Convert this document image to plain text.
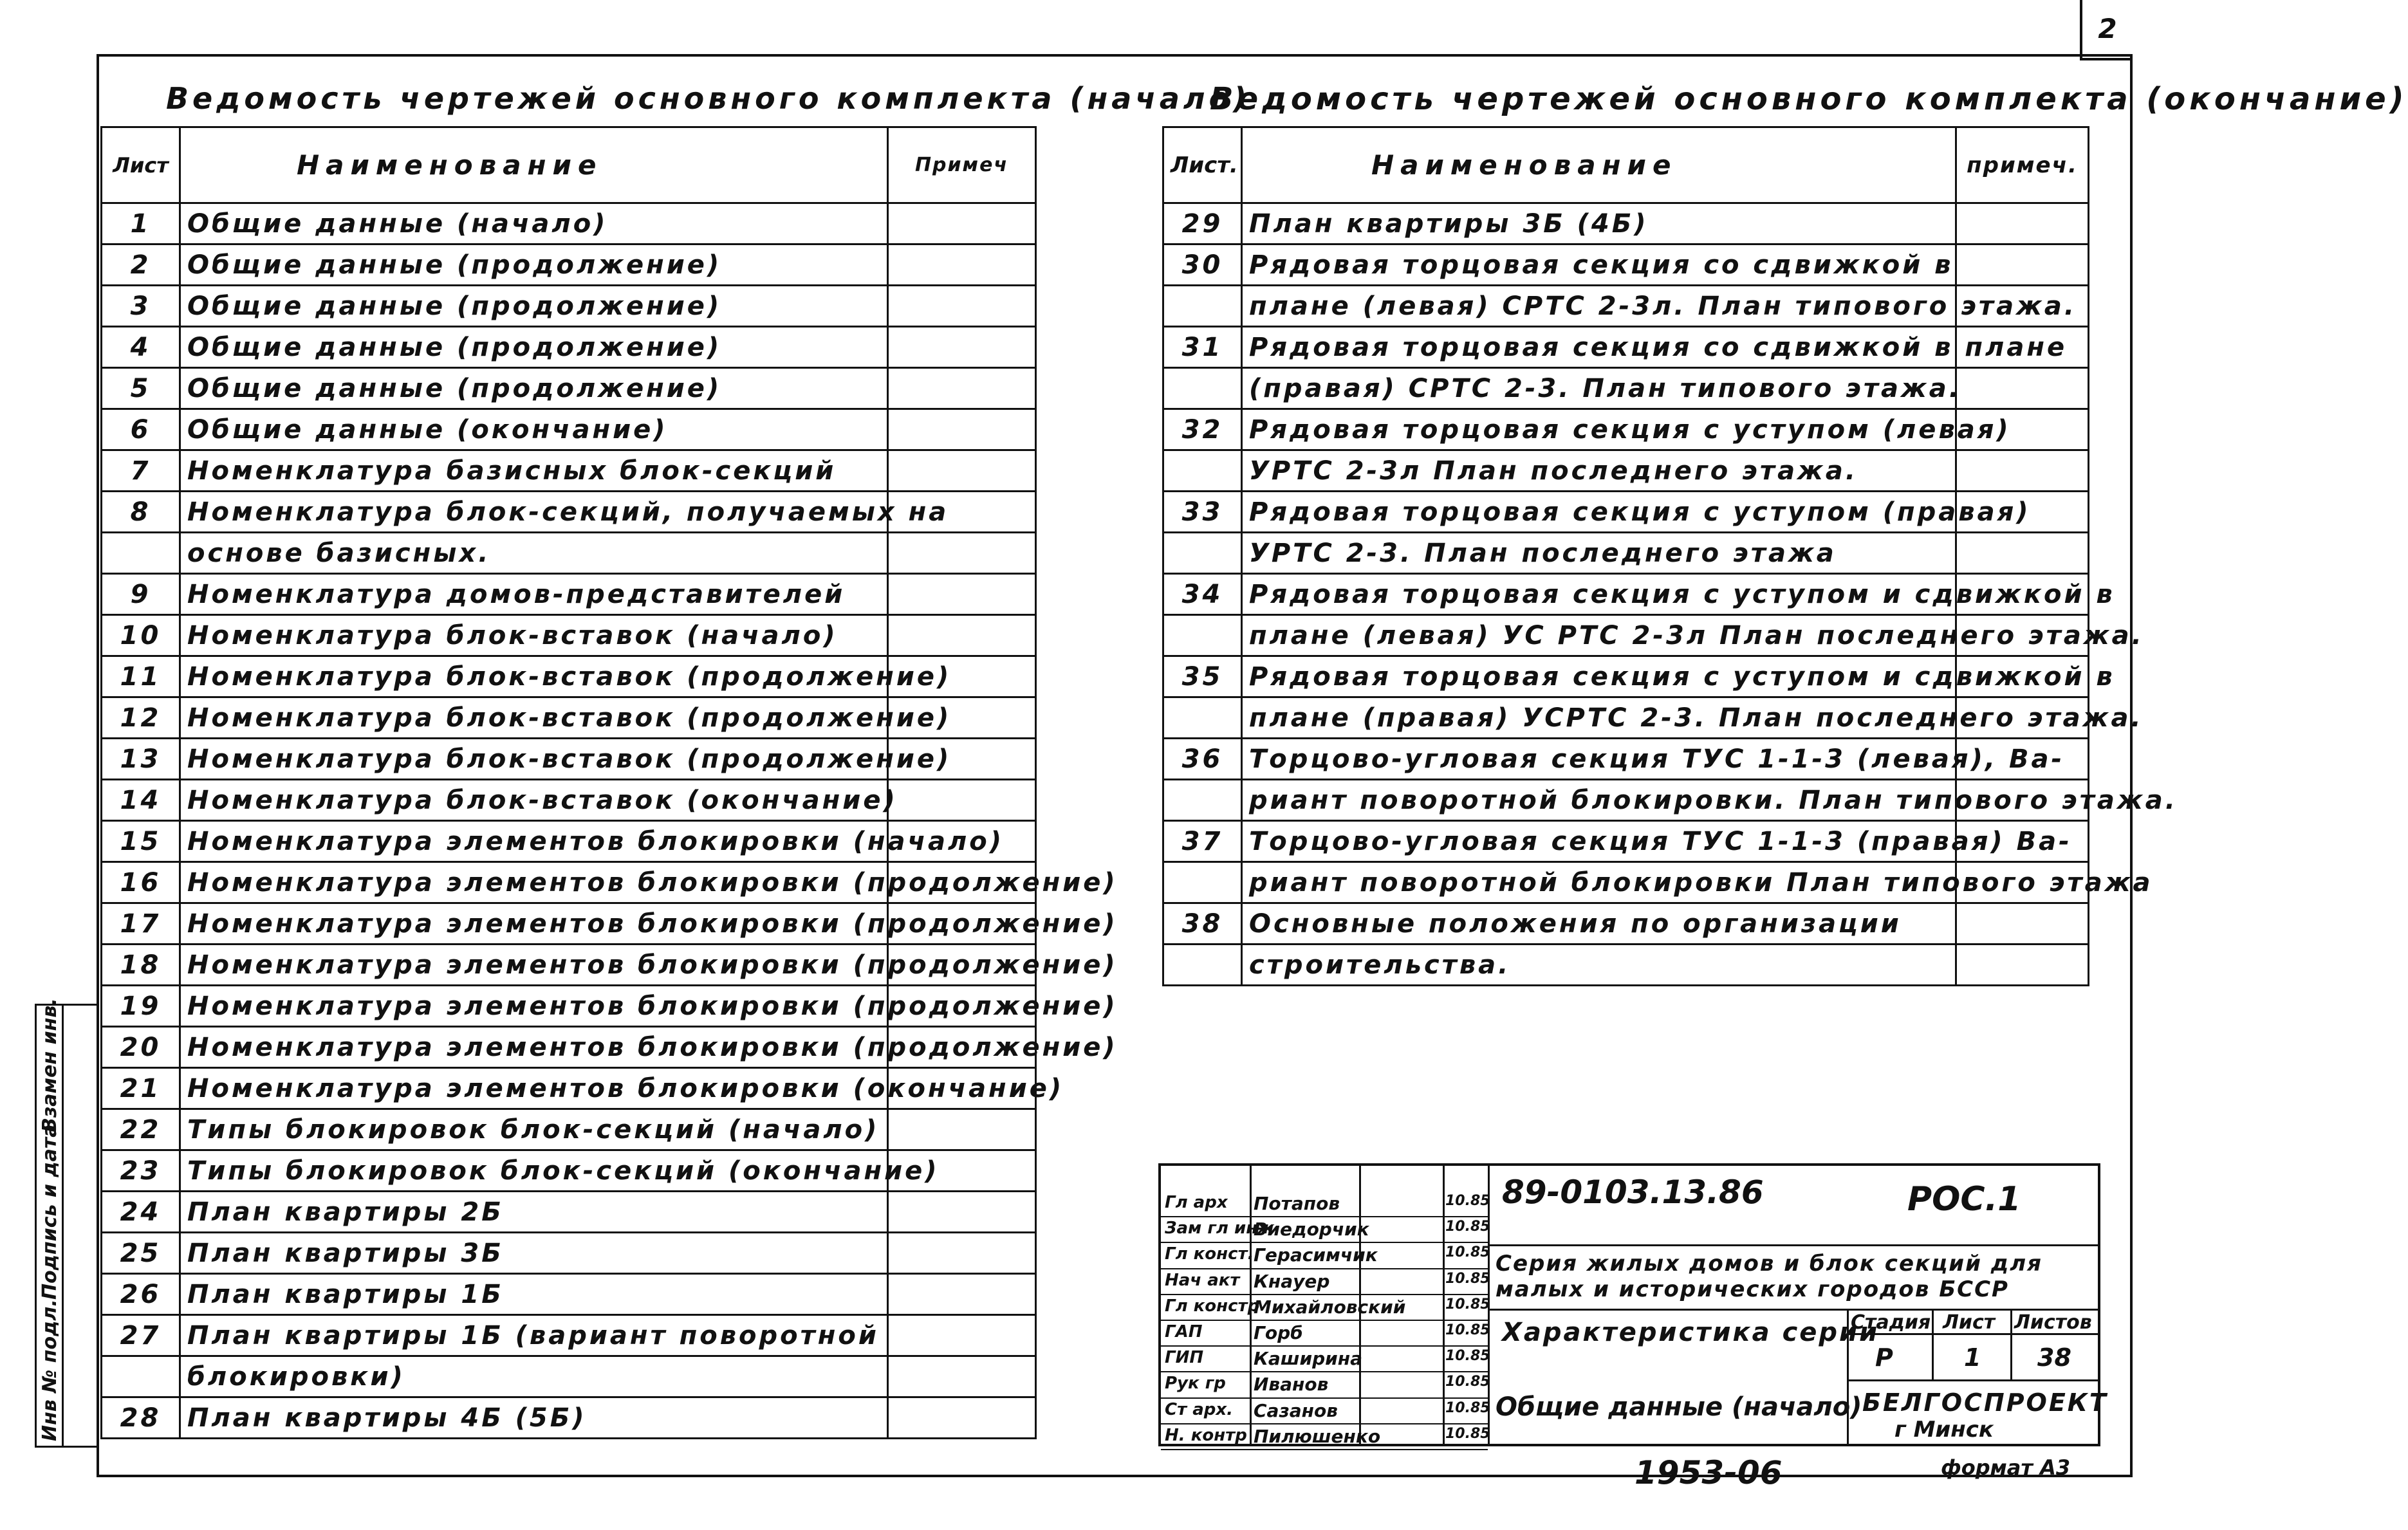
2
Взамен инв.
Подпись и дата
Инв № подл.
Ведомость чертежей основного комплекта (начало)
Лист	Наименование	Примеч
1	Общие данные (начало)	
2	Общие данные (продолжение)	
3	Общие данные (продолжение)	
4	Общие данные (продолжение)	
5	Общие данные (продолжение)	
6	Общие данные (окончание)	
7	Номенклатура базисных блок-секций	
8	Номенклатура блок-секций, получаемых на	
	основе базисных.	
9	Номенклатура домов-представителей	
10	Номенклатура блок-вставок (начало)	
11	Номенклатура блок-вставок (продолжение)	
12	Номенклатура блок-вставок (продолжение)	
13	Номенклатура блок-вставок (продолжение)	
14	Номенклатура блок-вставок (окончание)	
15	Номенклатура элементов блокировки (начало)	
16	Номенклатура элементов блокировки (продолжение)	
17	Номенклатура элементов блокировки (продолжение)	
18	Номенклатура элементов блокировки (продолжение)	
19	Номенклатура элементов блокировки (продолжение)	
20	Номенклатура элементов блокировки (продолжение)	
21	Номенклатура элементов блокировки (окончание)	
22	Типы блокировок блок-секций (начало)	
23	Типы блокировок блок-секций (окончание)	
24	План квартиры 2Б	
25	План квартиры 3Б	
26	План квартиры 1Б	
27	План квартиры 1Б (вариант поворотной	
	блокировки)	
28	План квартиры 4Б (5Б)	
Ведомость чертежей основного комплекта (окончание)
Лист.	Наименование	примеч.
29	План квартиры 3Б (4Б)	
30	Рядовая торцовая секция со сдвижкой в	
	плане (левая) СРТС 2-3л. План типового этажа.	
31	Рядовая торцовая секция со сдвижкой в плане	
	(правая) СРТС 2-3. План типового этажа.	
32	Рядовая торцовая секция с уступом (левая)	
	УРТС 2-3л План последнего этажа.	
33	Рядовая торцовая секция с уступом (правая)	
	УРТС 2-3. План последнего этажа	
34	Рядовая торцовая секция с уступом и сдвижкой в	
	плане (левая) УС РТС 2-3л План последнего этажа.	
35	Рядовая торцовая секция с уступом и сдвижкой в	
	плане (правая) УСРТС 2-3. План последнего этажа.	
36	Торцово-угловая секция ТУС 1-1-3 (левая), Ва-	
	риант поворотной блокировки. План типового этажа.	
37	Торцово-угловая секция ТУС 1-1-3 (правая) Ва-	
	риант поворотной блокировки План типового этажа	
38	Основные положения по организации	
	строительства.	
89-0103.13.86	РОС.1
Серия жилых домов и блок секций для малых и исторических городов БССР
Характеристика серии
Общие данные (начало)
Стадия Лист Листов
Р	1 38
БЕЛГОСПРОЕКТ
г Минск
Гл арх Потапов	10.85
Зам гл инж
Виедорчик	10.85
Гл конст. Герасимчик	10.85
Нач акт Кнауер	10.85
Гл констр
Михайловский	10.85
ГАП	Горб	10.85
ГИП	Каширина	10.85
Рук гр Иванов	10.85
Ст арх. Сазанов	10.85
Н. контр Пилюшенко	10.85
1953-06	формат А3
